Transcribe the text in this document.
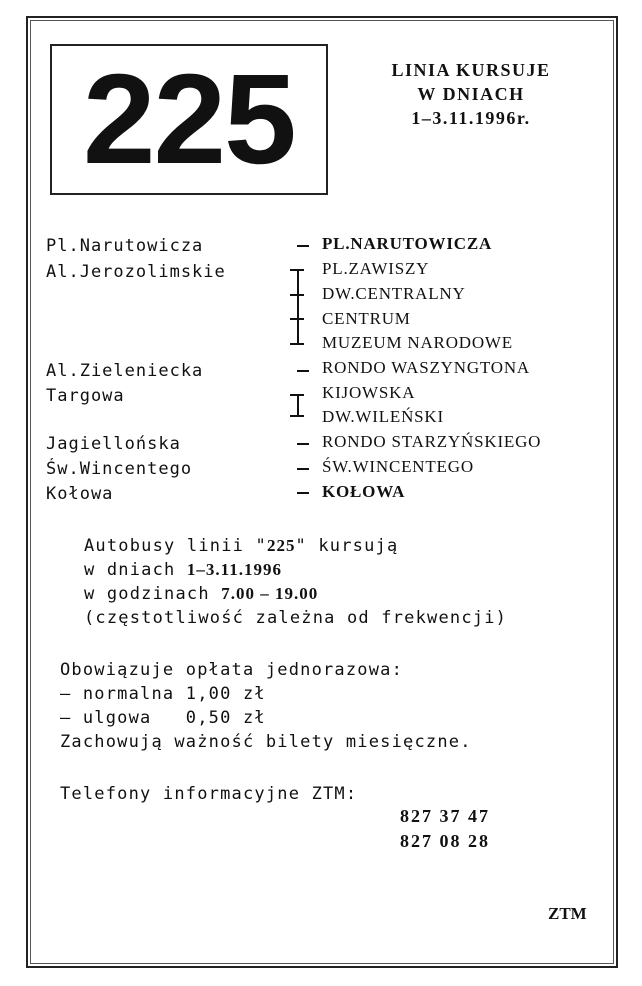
225	LINIA KURSUJE
W DNIACH
1–3.11.1996r.
Pl.Narutowicza
Al.Jerozolimskie
Al.Zieleniecka
Targowa
Jagiellońska
Św.Wincentego
Kołowa
PL.NARUTOWICZA
PL.ZAWISZY
DW.CENTRALNY
CENTRUM
MUZEUM NARODOWE
RONDO WASZYNGTONA
KIJOWSKA
DW.WILEŃSKI
RONDO STARZYŃSKIEGO
ŚW.WINCENTEGO
KOŁOWA
Autobusy linii "225" kursują
w dniach 1–3.11.1996
w godzinach 7.00 – 19.00
(częstotliwość zależna od frekwencji)
Obowiązuje opłata jednorazowa:
– normalna 1,00 zł
– ulgowa   0,50 zł
Zachowują ważność bilety miesięczne.
Telefony informacyjne ZTM:
827 37 47
827 08 28
ZTM
